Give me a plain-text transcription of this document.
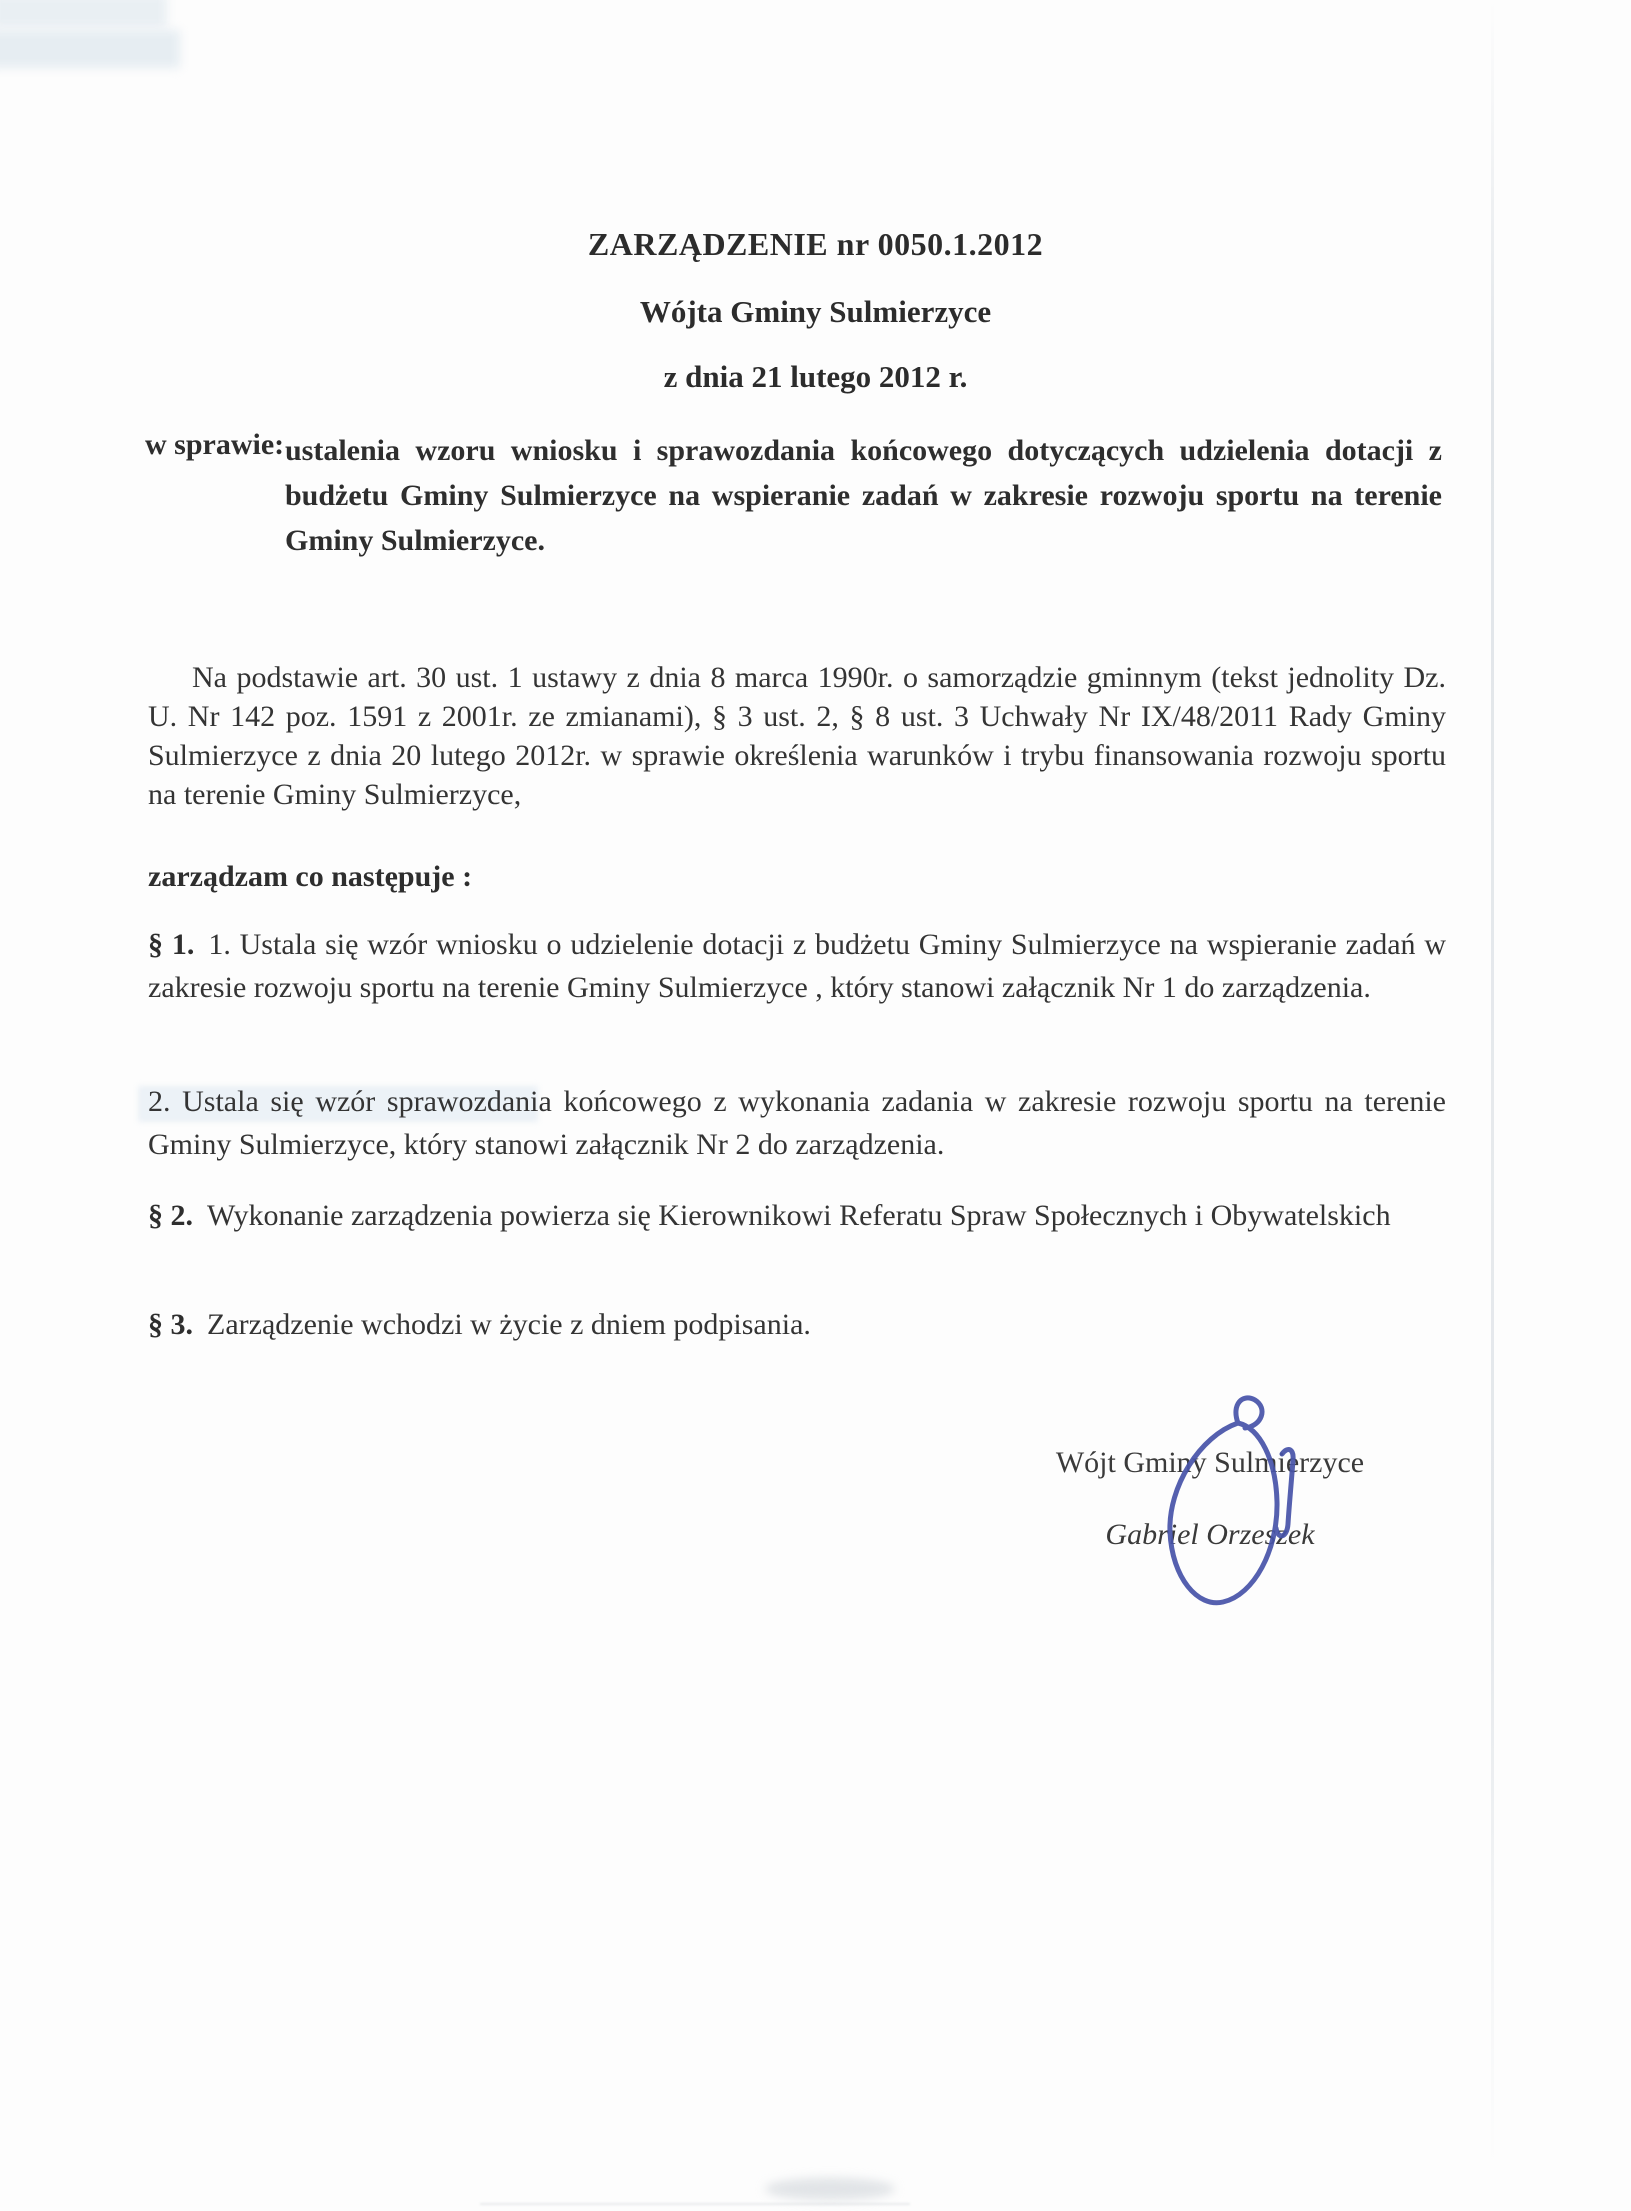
ZARZĄDZENIE nr 0050.1.2012
Wójta Gminy Sulmierzyce
z dnia 21 lutego 2012 r.
w sprawie: ustalenia wzoru wniosku i sprawozdania końcowego dotyczących udzielenia dotacji z budżetu Gminy Sulmierzyce na wspieranie zadań w zakresie rozwoju sportu na terenie Gminy Sulmierzyce.

Na podstawie art. 30 ust. 1 ustawy z dnia 8 marca 1990r. o samorządzie gminnym (tekst jednolity Dz. U. Nr 142 poz. 1591 z 2001r. ze zmianami), § 3 ust. 2, § 8 ust. 3 Uchwały Nr IX/48/2011 Rady Gminy Sulmierzyce z dnia 20 lutego 2012r. w sprawie określenia warunków i trybu finansowania rozwoju sportu na terenie Gminy Sulmierzyce,

zarządzam co następuje :

§ 1. 1. Ustala się wzór wniosku o udzielenie dotacji z budżetu Gminy Sulmierzyce na wspieranie zadań w zakresie rozwoju sportu na terenie Gminy Sulmierzyce , który stanowi załącznik Nr 1 do zarządzenia.

2. Ustala się wzór sprawozdania końcowego z wykonania zadania w zakresie rozwoju sportu na terenie Gminy Sulmierzyce, który stanowi załącznik Nr 2 do zarządzenia.

§ 2. Wykonanie zarządzenia powierza się Kierownikowi Referatu Spraw Społecznych i Obywatelskich

§ 3. Zarządzenie wchodzi w życie z dniem podpisania.

Wójt Gminy Sulmierzyce
Gabriel Orzeszek
